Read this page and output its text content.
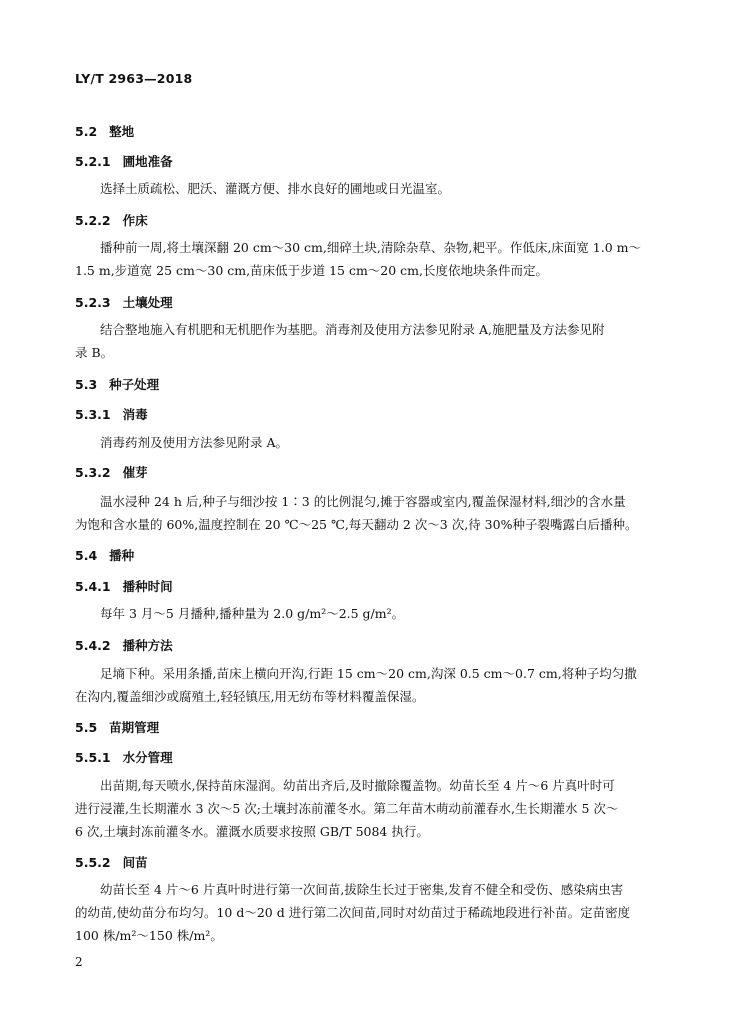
LY/T 2963—2018
5.2 整地
5.2.1 圃地准备
选择土质疏松、肥沃、灌溉方便、排水良好的圃地或日光温室。
5.2.2 作床
播种前一周,将土壤深翻 20 cm～30 cm,细碎土块,清除杂草、杂物,耙平。作低床,床面宽 1.0 m～
1.5 m,步道宽 25 cm～30 cm,苗床低于步道 15 cm～20 cm,长度依地块条件而定。
5.2.3 土壤处理
结合整地施入有机肥和无机肥作为基肥。消毒剂及使用方法参见附录 A,施肥量及方法参见附
录 B。
5.3 种子处理
5.3.1 消毒
消毒药剂及使用方法参见附录 A。
5.3.2 催芽
温水浸种 24 h 后,种子与细沙按 1∶3 的比例混匀,摊于容器或室内,覆盖保湿材料,细沙的含水量
为饱和含水量的 60%,温度控制在 20 ℃～25 ℃,每天翻动 2 次～3 次,待 30%种子裂嘴露白后播种。
5.4 播种
5.4.1 播种时间
每年 3 月～5 月播种,播种量为 2.0 g/m²～2.5 g/m²。
5.4.2 播种方法
足墒下种。采用条播,苗床上横向开沟,行距 15 cm～20 cm,沟深 0.5 cm～0.7 cm,将种子均匀撒
在沟内,覆盖细沙或腐殖土,轻轻镇压,用无纺布等材料覆盖保湿。
5.5 苗期管理
5.5.1 水分管理
出苗期,每天喷水,保持苗床湿润。幼苗出齐后,及时撤除覆盖物。幼苗长至 4 片～6 片真叶时可
进行浸灌,生长期灌水 3 次～5 次;土壤封冻前灌冬水。第二年苗木萌动前灌春水,生长期灌水 5 次～
6 次,土壤封冻前灌冬水。灌溉水质要求按照 GB/T 5084 执行。
5.5.2 间苗
幼苗长至 4 片～6 片真叶时进行第一次间苗,拔除生长过于密集,发育不健全和受伤、感染病虫害
的幼苗,使幼苗分布均匀。10 d～20 d 进行第二次间苗,同时对幼苗过于稀疏地段进行补苗。定苗密度
100 株/m²～150 株/m²。
2
